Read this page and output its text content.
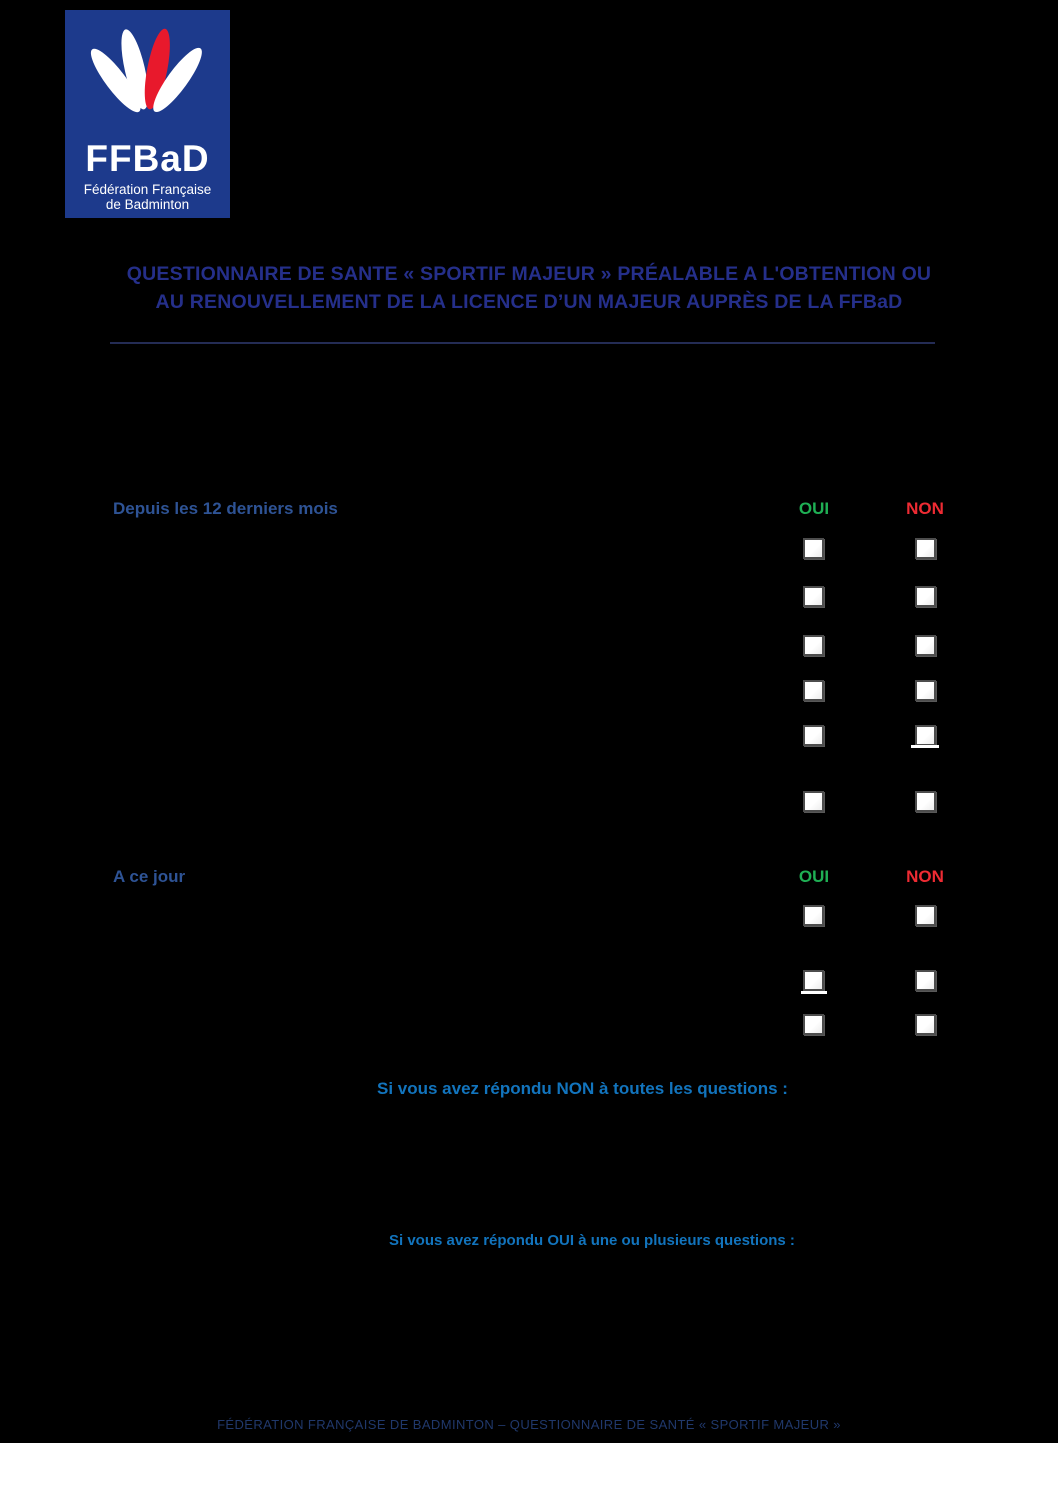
FFBaD
Fédération Française
de Badminton
QUESTIONNAIRE DE SANTE « SPORTIF MAJEUR » PRÉALABLE A L'OBTENTION OU
AU RENOUVELLEMENT DE LA LICENCE D’UN MAJEUR AUPRÈS DE LA FFBaD
Depuis les 12 derniers mois	OUI	NON
A ce jour	OUI	NON
Si vous avez répondu NON à toutes les questions :
Si vous avez répondu OUI à une ou plusieurs questions :
FÉDÉRATION FRANÇAISE DE BADMINTON – QUESTIONNAIRE DE SANTÉ « SPORTIF MAJEUR »
